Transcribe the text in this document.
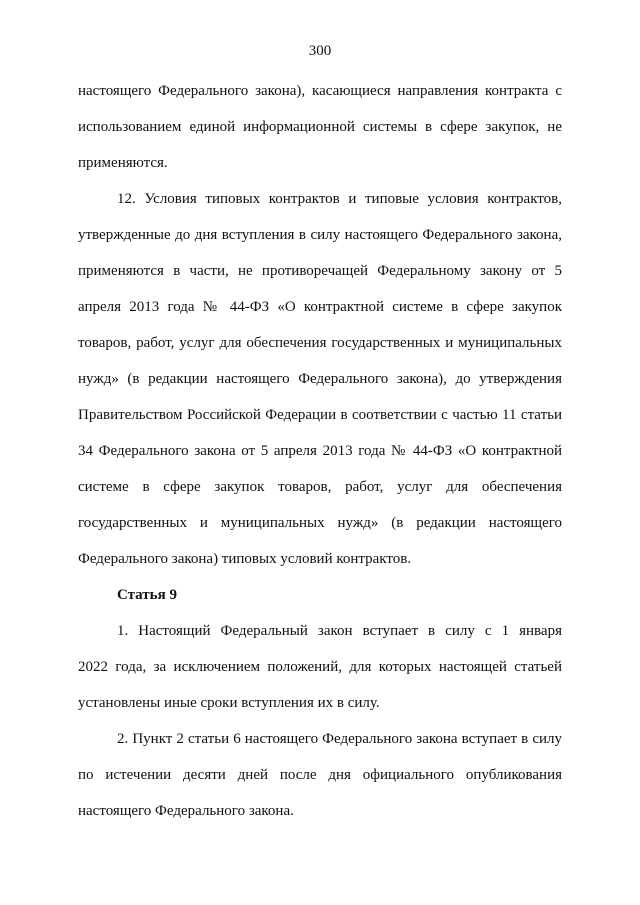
300
настоящего Федерального закона), касающиеся направления контракта с
использованием единой информационной системы в сфере закупок, не
применяются.
12. Условия типовых контрактов и типовые условия контрактов,
утвержденные до дня вступления в силу настоящего Федерального закона,
применяются в части, не противоречащей Федеральному закону от 5
апреля 2013 года № 44-ФЗ «О контрактной системе в сфере закупок
товаров, работ, услуг для обеспечения государственных и муниципальных
нужд» (в редакции настоящего Федерального закона), до утверждения
Правительством Российской Федерации в соответствии с частью 11 статьи
34 Федерального закона от 5 апреля 2013 года № 44-ФЗ «О контрактной
системе в сфере закупок товаров, работ, услуг для обеспечения
государственных и муниципальных нужд» (в редакции настоящего
Федерального закона) типовых условий контрактов.
Статья 9
1. Настоящий Федеральный закон вступает в силу с 1 января
2022 года, за исключением положений, для которых настоящей статьей
установлены иные сроки вступления их в силу.
2. Пункт 2 статьи 6 настоящего Федерального закона вступает в силу
по истечении десяти дней после дня официального опубликования
настоящего Федерального закона.
